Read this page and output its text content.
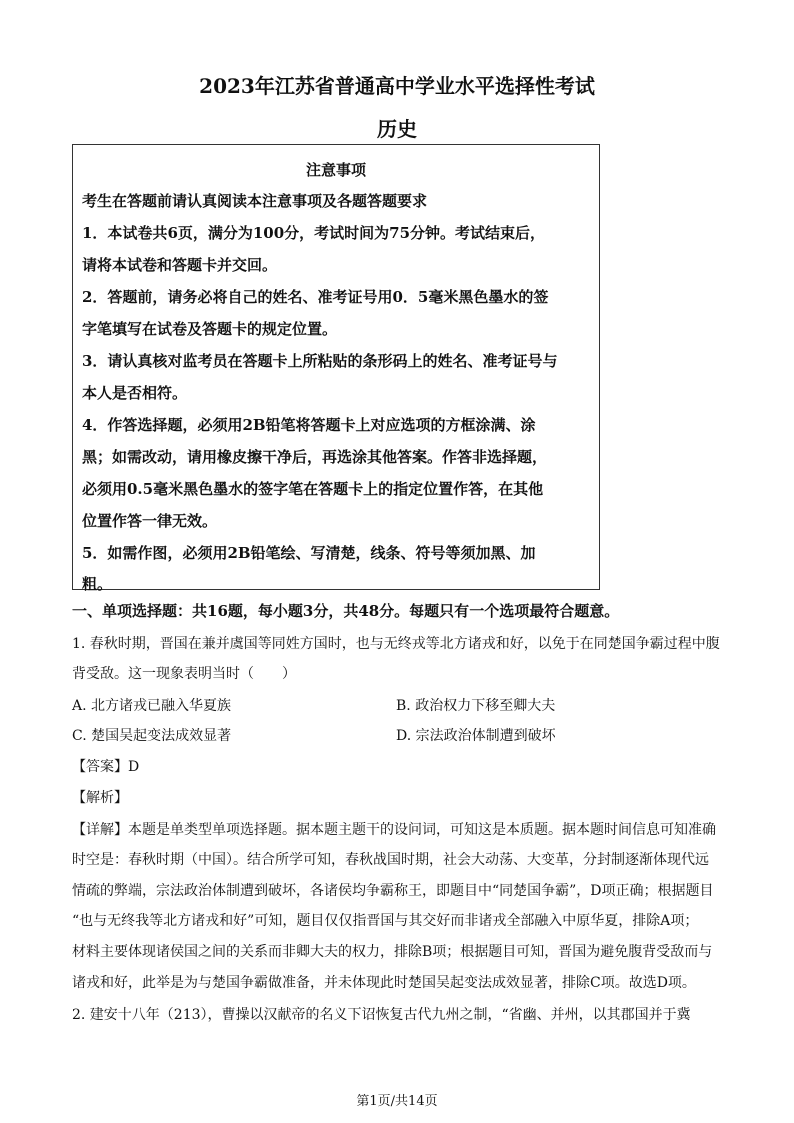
2023年江苏省普通高中学业水平选择性考试
历史
注意事项
考生在答题前请认真阅读本注意事项及各题答题要求
1．本试卷共6页，满分为100分，考试时间为75分钟。考试结束后，
请将本试卷和答题卡并交回。
2．答题前，请务必将自己的姓名、准考证号用0．5毫米黑色墨水的签
字笔填写在试卷及答题卡的规定位置。
3．请认真核对监考员在答题卡上所粘贴的条形码上的姓名、准考证号与
本人是否相符。
4．作答选择题，必须用2B铅笔将答题卡上对应选项的方框涂满、涂
黑；如需改动，请用橡皮擦干净后，再选涂其他答案。作答非选择题，
必须用0.5毫米黑色墨水的签字笔在答题卡上的指定位置作答，在其他
位置作答一律无效。
5．如需作图，必须用2B铅笔绘、写清楚，线条、符号等须加黑、加
粗。
一、单项选择题：共16题，每小题3分，共48分。每题只有一个选项最符合题意。
1. 春秋时期，晋国在兼并虞国等同姓方国时，也与无终戎等北方诸戎和好，以免于在同楚国争霸过程中腹
背受敌。这一现象表明当时（　　）
A. 北方诸戎已融入华夏族	B. 政治权力下移至卿大夫
C. 楚国吴起变法成效显著	D. 宗法政治体制遭到破坏
【答案】D
【解析】
【详解】本题是单类型单项选择题。据本题主题干的设问词，可知这是本质题。据本题时间信息可知准确
时空是：春秋时期（中国）。结合所学可知，春秋战国时期，社会大动荡、大变革，分封制逐渐体现代远
情疏的弊端，宗法政治体制遭到破坏，各诸侯均争霸称王，即题目中“同楚国争霸”，D项正确；根据题目
“也与无终我等北方诸戎和好”可知，题目仅仅指晋国与其交好而非诸戎全部融入中原华夏，排除A项；
材料主要体现诸侯国之间的关系而非卿大夫的权力，排除B项；根据题目可知，晋国为避免腹背受敌而与
诸戎和好，此举是为与楚国争霸做准备，并未体现此时楚国吴起变法成效显著，排除C项。故选D项。
2. 建安十八年（213），曹操以汉献帝的名义下诏恢复古代九州之制，“省幽、并州，以其郡国并于冀
第1页/共14页
